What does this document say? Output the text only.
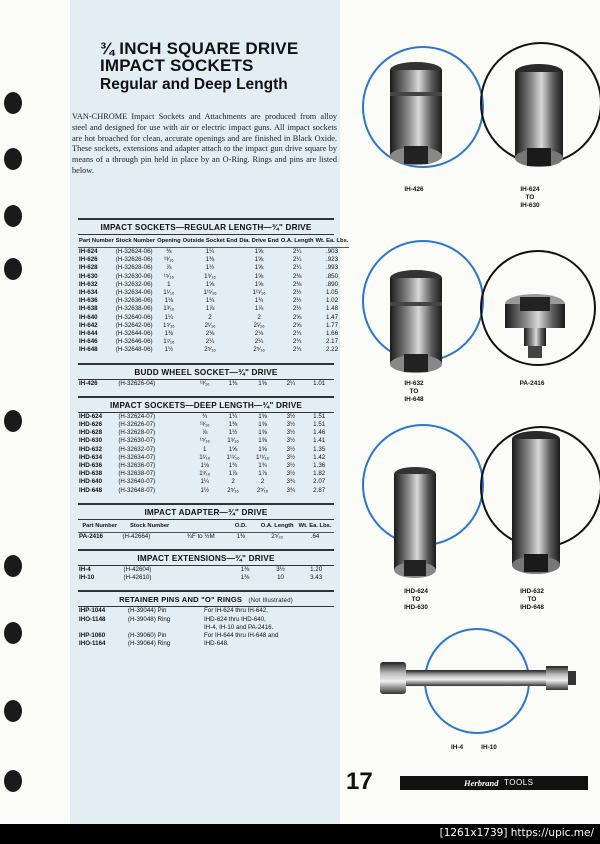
¾ INCH SQUARE DRIVE
IMPACT SOCKETS
Regular and Deep Length
VAN-CHROME Impact Sockets and Attachments are produced from alloy steel and designed for use with air or electric impact guns. All impact sockets are hot broached for clean, accurate openings and are finished in Black Oxide. These sockets, extensions and adapter attach to the impact gun drive square by means of a through pin held in place by an O-Ring. Rings and pins are listed below.
IMPACT SOCKETS—REGULAR LENGTH—¾" DRIVE
Part Number	Stock Number	Opening	Outside Socket End	Dia. Drive End	O.A. Length	Wt. Ea. Lbs.
IH-624	(H-32624-06)	⅜	1¼	1⅝	2¼	.903
IH-626	(H-32626-06)	¹³⁄₁₆	1⅜	1⅝	2¼	.923
IH-628	(H-32628-06)	⅞	1½	1⅝	2¼	.993
IH-630	(H-32630-06)	¹⁵⁄₁₆	1⁹⁄₁₆	1⅝	2⅜	.850
IH-632	(H-32632-06)	1	1⅝	1⅝	2⅜	.890
IH-634	(H-32634-06)	1¹⁄₁₆	1¹¹⁄₁₆	1¹¹⁄₁₆	2½	1.05
IH-636	(H-32636-06)	1⅛	1¾	1¾	2½	1.02
IH-638	(H-32638-06)	1³⁄₁₆	1⅞	1⅞	2½	1.48
IH-640	(H-32640-06)	1¼	2	2	2⅝	1.47
IH-642	(H-32642-06)	1⁵⁄₁₆	2¹⁄₁₆	2¹⁄₁₆	2⅝	1.77
IH-644	(H-32644-06)	1⅜	2⅛	2⅛	2¾	1.66
IH-646	(H-32646-06)	1⁷⁄₁₆	2¼	2¼	2¾	2.17
IH-648	(H-32648-06)	1½	2⁵⁄₁₆	2⁵⁄₁₆	2¾	2.22
BUDD WHEEL SOCKET—¾" DRIVE
IH-426	(H-32626-04)	¹³⁄₁₆	1⅜	1⅝	2¼	1.01
IMPACT SOCKETS—DEEP LENGTH—¾" DRIVE
IHD-624	(H-32624-07)	¾	1¼	1⅝	3½	1.51
IHD-626	(H-32626-07)	¹³⁄₁₆	1⅜	1⅝	3½	1.51
IHD-628	(H-32628-07)	⅞	1½	1⅝	3½	1.46
IHD-630	(H-32630-07)	¹⁵⁄₁₆	1⁹⁄₁₆	1⅝	3½	1.41
IHD-632	(H-32632-07)	1	1⅝	1⅝	3½	1.35
IHD-634	(H-32634-07)	1¹⁄₁₆	1¹¹⁄₁₆	1¹¹⁄₁₆	3½	1.42
IHD-636	(H-32636-07)	1⅛	1¾	1¾	3½	1.36
IHD-638	(H-32638-07)	1³⁄₁₆	1⅞	1⅞	3½	1.82
IHD-640	(H-32640-07)	1¼	2	2	3¾	2.07
IHD-648	(H-32648-07)	1½	2⁵⁄₁₆	2⁵⁄₁₆	3¾	2.87
IMPACT ADAPTER—¾" DRIVE
Part Number	Stock Number		O.D.	O.A. Length	Wt. Ea. Lbs.
PA-2416	(H-42664)	¾F to ½M	1⅜	2⁵⁄₃₂	.64
IMPACT EXTENSIONS—¾" DRIVE
IH-4	(H-42604)		1⅜	3½	1.20
IH-10	(H-42610)		1⅜	10	3.43
RETAINER PINS AND "O" RINGS (Not Illustrated)
IHP-1044	(H-39044) Pin	For IH-624 thru IH-642,
IHO-1148	(H-39048) Ring	IHD-624 thru IHD-640,
		IH-4, IH-10 and PA-2416.
IHP-1060	(H-39060) Pin	For IH-644 thru IH-648 and
IHO-1164	(H-39064) Ring	IHD-648.
IH-426	IH-624
TO
IH-630
IH-632
TO
IH-648
PA-2416
IHD-624
TO
IHD-630
IHD-632
TO
IHD-648
IH-4	IH-10
17	Herbrand TOOLS
[1261x1739] https://upic.me/
